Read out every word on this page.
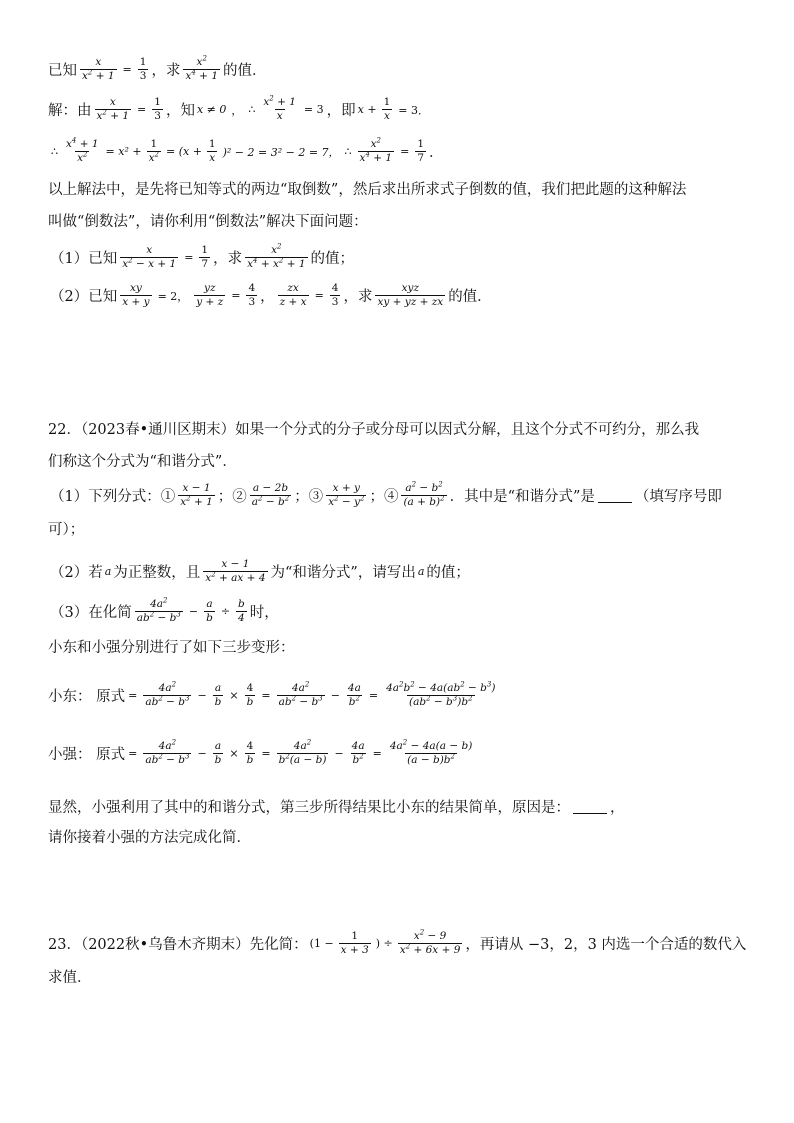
已知 $\frac{x}{x^2 + 1} = \frac{1}{3}$ ，求 $\frac{x^2}{x^4 + 1}$ 的值．
解：由 $\frac{x}{x^2 + 1} = \frac{1}{3}$ ，知 x ≠ 0 ， ∴ $\frac{x^2 + 1}{x} = 3$ ，即 $x + \frac{1}{x} = 3$．
∴ $\frac{x^4 + 1}{x^2} = x^2 + \frac{1}{x^2} = (x + \frac{1}{x} )^2 - 2 = 3^2 - 2 = 7$， ∴ $\frac{x^2}{x^4 + 1} = \frac{1}{7}$ ．
以上解法中，是先将已知等式的两边“取倒数”，然后求出所求式子倒数的值，我们把此题的这种解法
叫做“倒数法”，请你利用“倒数法”解决下面问题：
（1）已知 $\frac{x}{x^2 - x + 1} = \frac{1}{7}$ ，求 $\frac{x^2}{x^4 + x^2 + 1}$ 的值；
（2）已知 $\frac{xy}{x + y} = 2$， $\frac{yz}{y + z} = \frac{4}{3}$ ， $\frac{zx}{z + x} = \frac{4}{3}$ ，求 $\frac{\text{xyz}}{xy + yz + zx}$ 的值．
22．（2023春•通川区期末）如果一个分式的分子或分母可以因式分解，且这个分式不可约分，那么我
们称这个分式为“和谐分式”．
（1）下列分式：① $\frac{x - 1}{x^2 + 1}$ ；② $\frac{a - 2b}{a^2 - b^2}$ ；③ $\frac{x + y}{x^2 - y^2}$ ；④ $\frac{a^2 - b^2}{(a + b)^2}$ ．其中是“和谐分式”是	（填写序号即
可）；
（2）若 a 为正整数，且 $\frac{x - 1}{x^2 + ax + 4}$ 为“和谐分式”，请写出 a 的值；
（3）在化简 $\frac{4a^2}{ab^2 - b^3} - \frac{a}{b} \div \frac{b}{4}$ 时，
小东和小强分别进行了如下三步变形：
小东： 原式 = $\frac{4a^2}{ab^2 - b^3} - \frac{a}{b} \times \frac{4}{b} = \frac{4a^2}{ab^2 - b^3} - \frac{4a}{b^2} = \frac{4a^2b^2 - 4a(ab^2 - b^3)}{(ab^2 - b^3)b^2}$
小强： 原式 = $\frac{4a^2}{ab^2 - b^3} - \frac{a}{b} \times \frac{4}{b} = \frac{4a^2}{b^2(a - b)} - \frac{4a}{b^2} = \frac{4a^2 - 4a(a - b)}{(a - b)b^2}$
显然，小强利用了其中的和谐分式，第三步所得结果比小东的结果简单，原因是：	，
请你接着小强的方法完成化简．
23．（2022秋•乌鲁木齐期末）先化简： ($1 - \frac{1}{x + 3}$ ) ÷ $\frac{x^2 - 9}{x^2 + 6x + 9}$ ，再请从 −3，2，3 内选一个合适的数代入
求值．
